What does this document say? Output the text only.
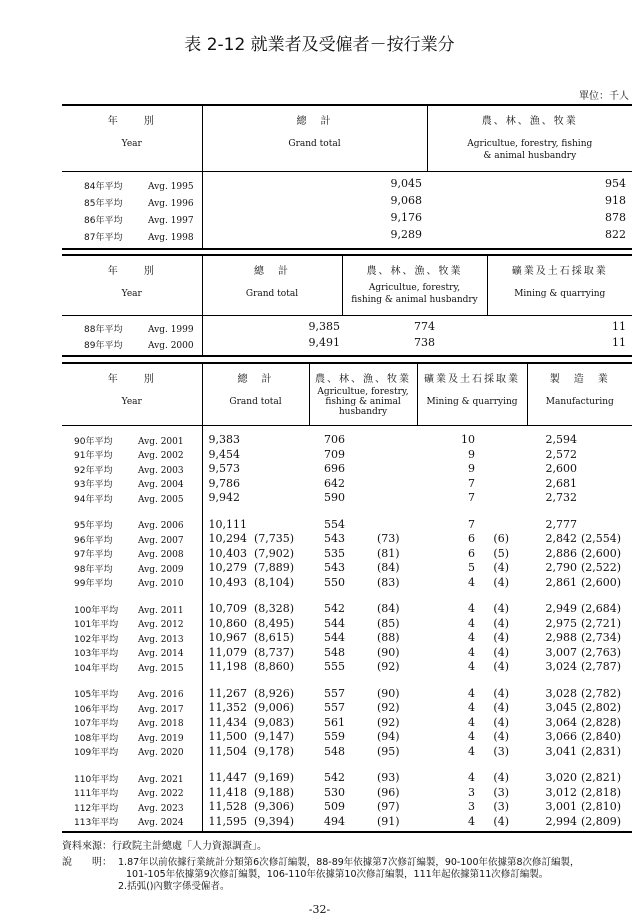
表 2-12 就業者及受僱者－按行業分
單位：千人
年　　別
Year	總　計
Grand total	農、林、漁、牧業
Agricultue, forestry, fishing
& animal husbandry

84年平均 Avg. 1995	9,045	954
85年平均 Avg. 1996	9,068	918
86年平均 Avg. 1997	9,176	878
87年平均 Avg. 1998	9,289	822

年　　別
Year	總　計
Grand total	農、林、漁、牧業
Agricultue, forestry,
fishing & animal husbandry	礦業及土石採取業
Mining & quarrying

88年平均 Avg. 1999	9,385	774	11
89年平均 Avg. 2000	9,491	738	11

年　　別
Year	總　計
Grand total		農、林、漁、牧業
Agricultue, forestry,
fishing & animal
husbandry		礦業及土石採取業
Mining & quarrying		製　造　業
Manufacturing	

90年平均 Avg. 2001	9,383		706		10		2,594	
91年平均 Avg. 2002	9,454		709		9		2,572	
92年平均 Avg. 2003	9,573		696		9		2,600	
93年平均 Avg. 2004	9,786		642		7		2,681	
94年平均 Avg. 2005	9,942		590		7		2,732	

95年平均 Avg. 2006	10,111		554		7		2,777	
96年平均 Avg. 2007	10,294	(7,735)	543	(73)	6	(6)	2,842	(2,554)
97年平均 Avg. 2008	10,403	(7,902)	535	(81)	6	(5)	2,886	(2,600)
98年平均 Avg. 2009	10,279	(7,889)	543	(84)	5	(4)	2,790	(2,522)
99年平均 Avg. 2010	10,493	(8,104)	550	(83)	4	(4)	2,861	(2,600)

100年平均 Avg. 2011	10,709	(8,328)	542	(84)	4	(4)	2,949	(2,684)
101年平均 Avg. 2012	10,860	(8,495)	544	(85)	4	(4)	2,975	(2,721)
102年平均 Avg. 2013	10,967	(8,615)	544	(88)	4	(4)	2,988	(2,734)
103年平均 Avg. 2014	11,079	(8,737)	548	(90)	4	(4)	3,007	(2,763)
104年平均 Avg. 2015	11,198	(8,860)	555	(92)	4	(4)	3,024	(2,787)

105年平均 Avg. 2016	11,267	(8,926)	557	(90)	4	(4)	3,028	(2,782)
106年平均 Avg. 2017	11,352	(9,006)	557	(92)	4	(4)	3,045	(2,802)
107年平均 Avg. 2018	11,434	(9,083)	561	(92)	4	(4)	3,064	(2,828)
108年平均 Avg. 2019	11,500	(9,147)	559	(94)	4	(4)	3,066	(2,840)
109年平均 Avg. 2020	11,504	(9,178)	548	(95)	4	(3)	3,041	(2,831)

110年平均 Avg. 2021	11,447	(9,169)	542	(93)	4	(4)	3,020	(2,821)
111年平均 Avg. 2022	11,418	(9,188)	530	(96)	3	(3)	3,012	(2,818)
112年平均 Avg. 2023	11,528	(9,306)	509	(97)	3	(3)	3,001	(2,810)
113年平均 Avg. 2024	11,595	(9,394)	494	(91)	4	(4)	2,994	(2,809)

資料來源：行政院主計總處「人力資源調查」。
說　　明： 1.87年以前依據行業統計分類第6次修訂編製，88-89年依據第7次修訂編製，90-100年依據第8次修訂編製，
101-105年依據第9次修訂編製，106-110年依據第10次修訂編製，111年起依據第11次修訂編製。
2.括弧()內數字係受僱者。
-32-
